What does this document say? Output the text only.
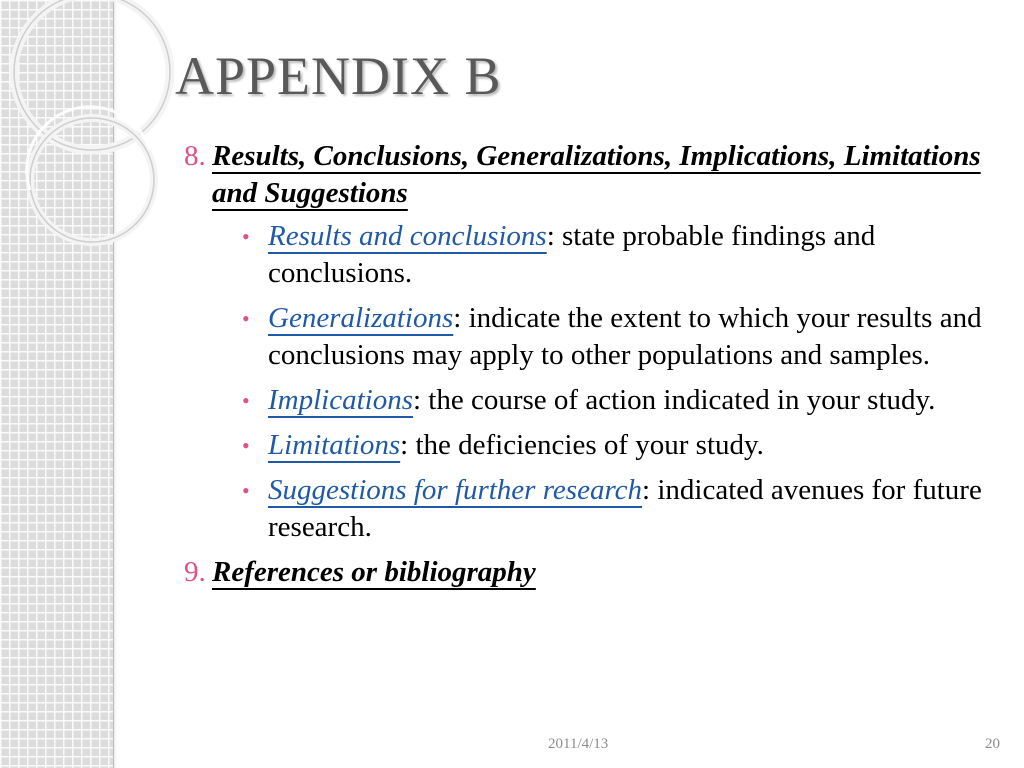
APPENDIX B
8. Results, Conclusions, Generalizations, Implications, Limitations and Suggestions
• Results and conclusions: state probable findings and conclusions.
• Generalizations: indicate the extent to which your results and conclusions may apply to other populations and samples.
• Implications: the course of action indicated in your study.
• Limitations: the deficiencies of your study.
• Suggestions for further research: indicated avenues for future research.
9. References or bibliography
2011/4/13	20
